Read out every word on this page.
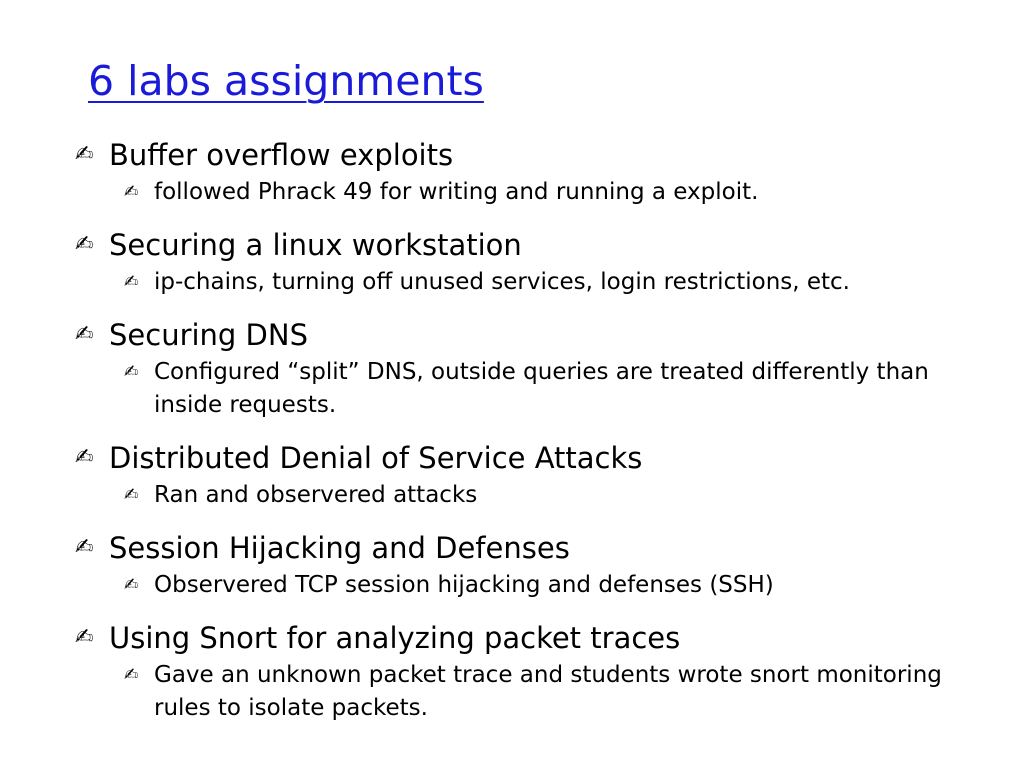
6 labs assignments
✍ Buffer overflow exploits
✍ followed Phrack 49 for writing and running a exploit.
✍ Securing a linux workstation
✍ ip-chains, turning off unused services, login restrictions, etc.
✍ Securing DNS
✍ Configured “split” DNS, outside queries are treated differently than inside requests.
✍ Distributed Denial of Service Attacks
✍ Ran and observered attacks
✍ Session Hijacking and Defenses
✍ Observered TCP session hijacking and defenses (SSH)
✍ Using Snort for analyzing packet traces
✍ Gave an unknown packet trace and students wrote snort monitoring rules to isolate packets.
